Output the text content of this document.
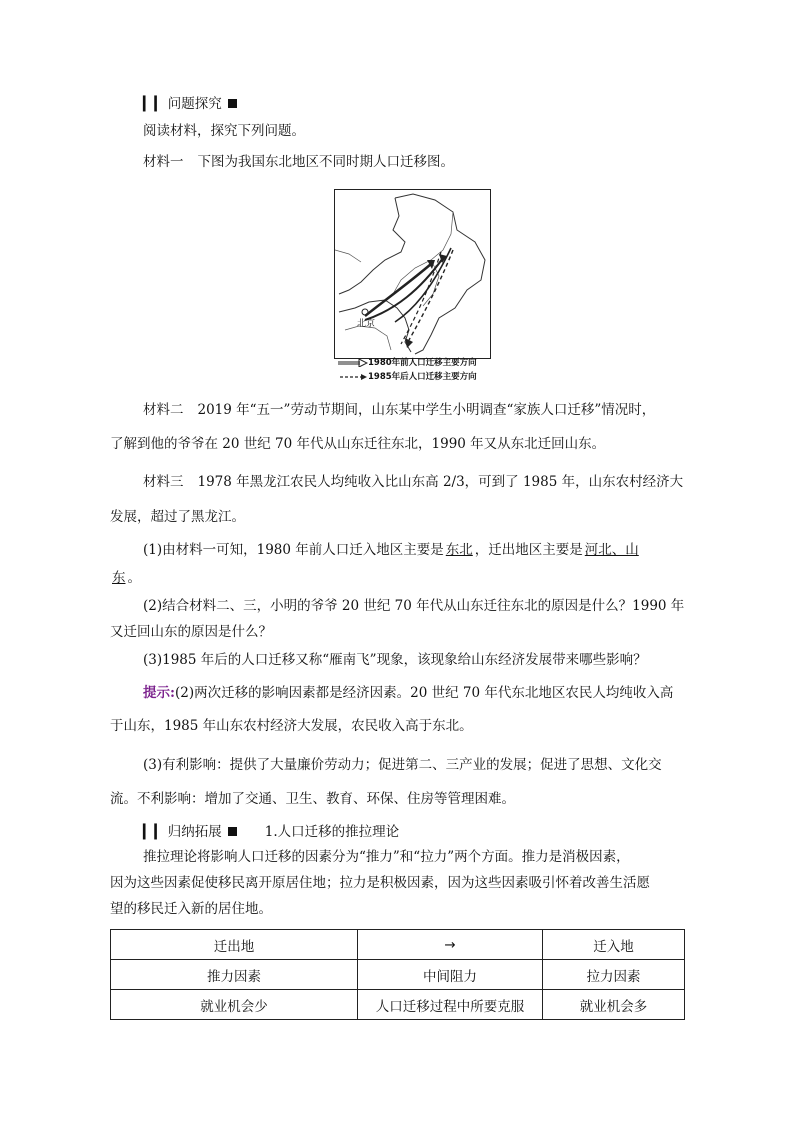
▎▎ 问题探究
阅读材料，探究下列问题。
材料一 下图为我国东北地区不同时期人口迁移图。
北京
1980年前人口迁移主要方向
1985年后人口迁移主要方向
材料二 2019 年“五一”劳动节期间，山东某中学生小明调查“家族人口迁移”情况时，
了解到他的爷爷在 20 世纪 70 年代从山东迁往东北，1990 年又从东北迁回山东。
材料三 1978 年黑龙江农民人均纯收入比山东高 2/3，可到了 1985 年，山东农村经济大
发展，超过了黑龙江。
(1)由材料一可知，1980 年前人口迁入地区主要是 东北 ，迁出地区主要是 河北、山
东 。
(2)结合材料二、三，小明的爷爷 20 世纪 70 年代从山东迁往东北的原因是什么？1990 年
又迁回山东的原因是什么？
(3)1985 年后的人口迁移又称“雁南飞”现象，该现象给山东经济发展带来哪些影响？
提示:(2)两次迁移的影响因素都是经济因素。20 世纪 70 年代东北地区农民人均纯收入高
于山东，1985 年山东农村经济大发展，农民收入高于东北。
(3)有利影响：提供了大量廉价劳动力；促进第二、三产业的发展；促进了思想、文化交
流。不利影响：增加了交通、卫生、教育、环保、住房等管理困难。
▎▎ 归纳拓展	1.人口迁移的推拉理论
推拉理论将影响人口迁移的因素分为“推力”和“拉力”两个方面。推力是消极因素，
因为这些因素促使移民离开原居住地；拉力是积极因素，因为这些因素吸引怀着改善生活愿
望的移民迁入新的居住地。
迁出地	→	迁入地
推力因素	中间阻力	拉力因素
就业机会少	人口迁移过程中所要克服	就业机会多
